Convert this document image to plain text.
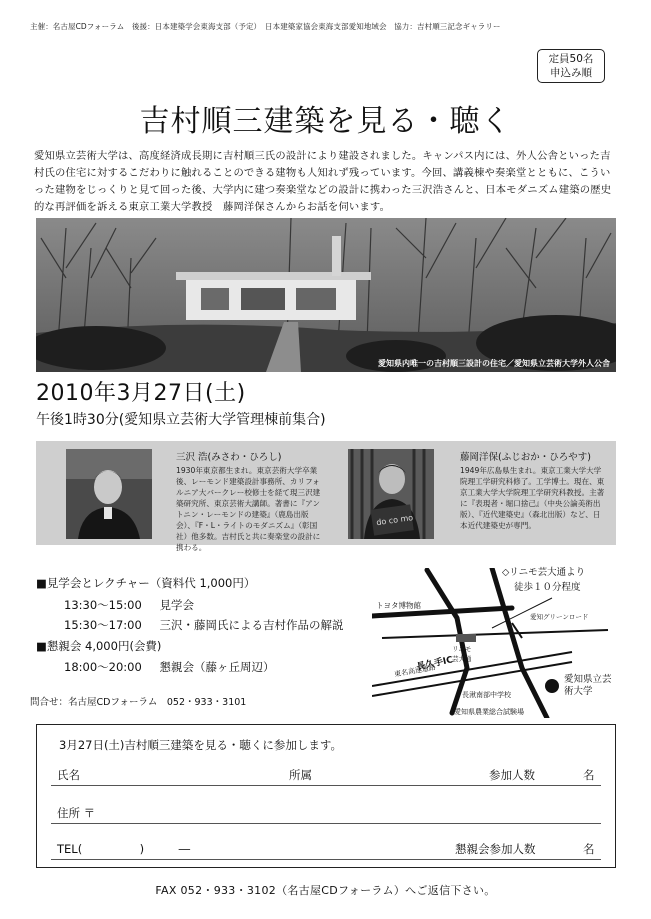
主催：名古屋CDフォーラム　後援：日本建築学会東海支部（予定）　日本建築家協会東海支部愛知地域会　協力：吉村順三記念ギャラリー
定員50名
申込み順
吉村順三建築を見る・聴く
愛知県立芸術大学は、高度経済成長期に吉村順三氏の設計により建設されました。キャンパス内には、外人公舎といった吉村氏の住宅に対するこだわりに触れることのできる建物も人知れず残っています。今回、講義棟や奏楽堂とともに、こういった建物をじっくりと見て回った後、大学内に建つ奏楽堂などの設計に携わった三沢浩さんと、日本モダニズム建築の歴史的な再評価を訴える東京工業大学教授　藤岡洋保さんからお話を伺います。
愛知県内唯一の吉村順三設計の住宅／愛知県立芸術大学外人公舎
2010年3月27日(土)
午後1時30分(愛知県立芸術大学管理棟前集合)
三沢 浩(みさわ・ひろし)
1930年東京都生まれ。東京芸術大学卒業後、レーモンド建築設計事務所、カリフォルニア大バークレー校修士を経て現三沢建築研究所、東京芸術大講師。著書に『アントニン・レーモンドの建築』（鹿島出版会）、『F・L・ライトのモダニズム』（彰国社）他多数。吉村氏と共に奏楽堂の設計に携わる。
do co mo
藤岡洋保(ふじおか・ひろやす)
1949年広島県生まれ。東京工業大学大学院理工学研究科修了。工学博士。現在、東京工業大学大学院理工学研究科教授。主著に『表現者・堀口捨己』（中央公論美術出版）、『近代建築史』（森北出版）など、日本近代建築史が専門。
■見学会とレクチャー（資料代 1,000円）
13:30〜15:00 見学会
15:30〜17:00 三沢・藤岡氏による吉村作品の解説
■懇親会 4,000円(会費)
18:00〜20:00 懇親会（藤ヶ丘周辺）
問合せ：名古屋CDフォーラム　052・933・3101
トヨタ博物館
愛知グリーンロード
東名高速道路
長久手IC
リニモ
芸大通
長湫南部中学校
愛知県農業総合試験場
愛知県立芸術大学
◇リニモ芸大通より
徒歩１０分程度
3月27日(土)吉村順三建築を見る・聴くに参加します。
氏名	所属	参加人数	名
住所 〒
TEL(　　　　　)　　　―	懇親会参加人数	名
FAX 052・933・3102（名古屋CDフォーラム）へご返信下さい。
